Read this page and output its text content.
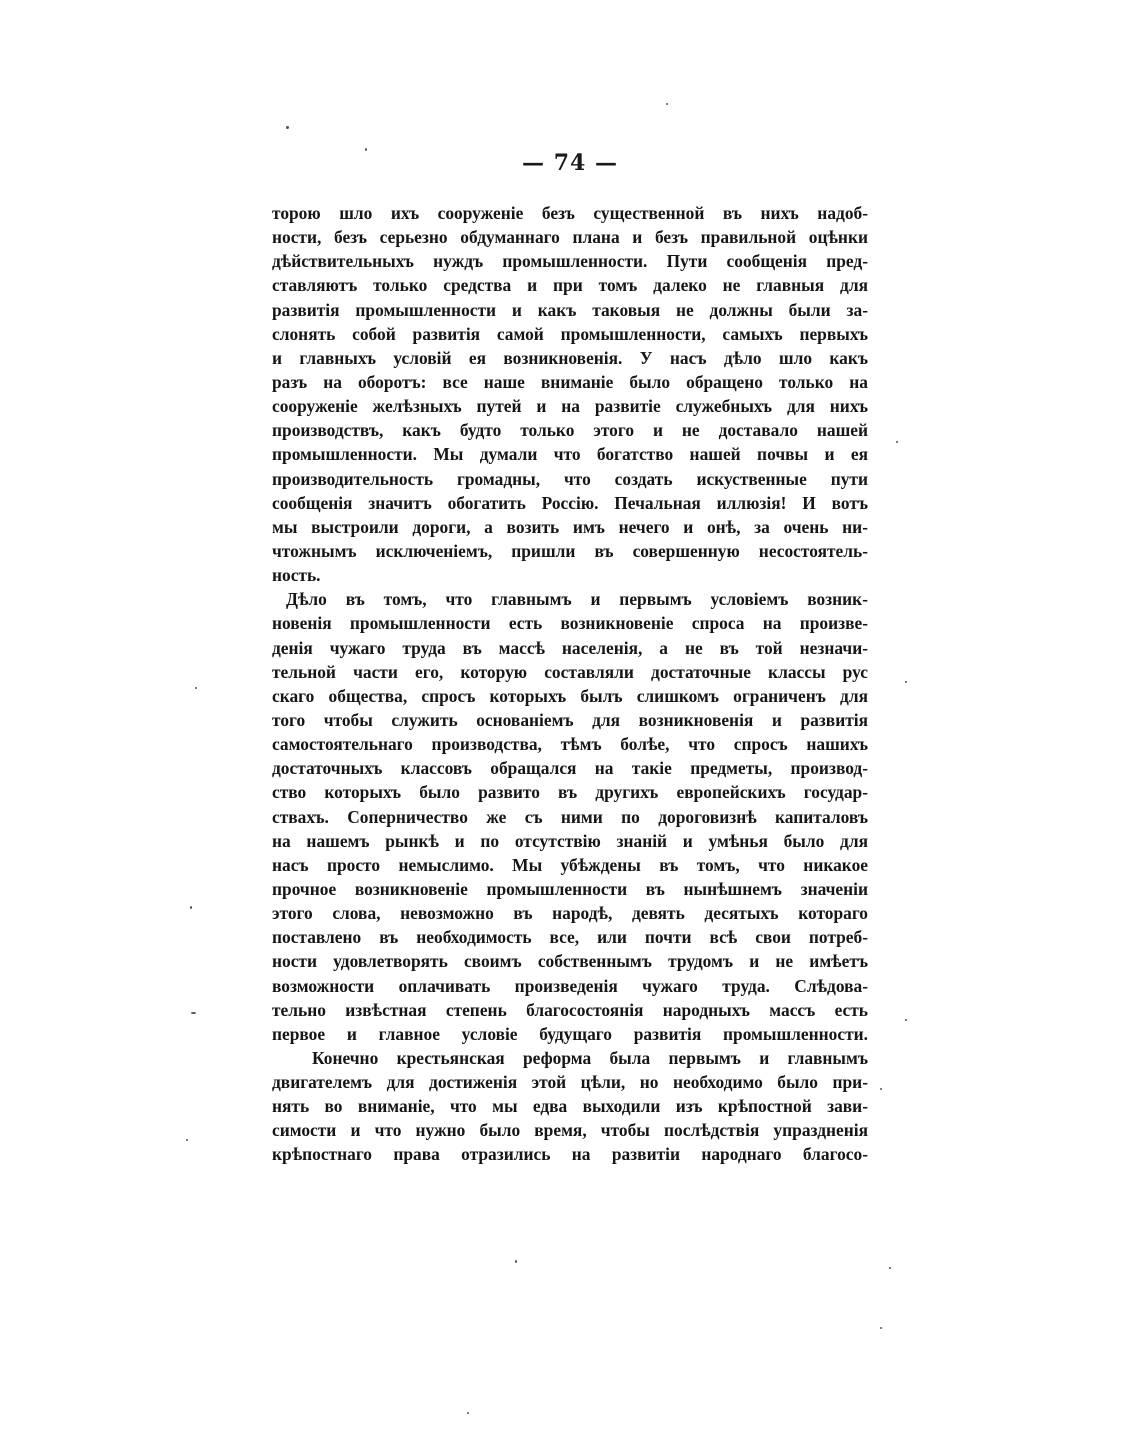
— 74 —
торою шло ихъ сооруженіе безъ существенной въ нихъ надоб-
ности, безъ серьезно обдуманнаго плана и безъ правильной оцѣнки
дѣйствительныхъ нуждъ промышленности. Пути сообщенія пред-
ставляютъ только средства и при томъ далеко не главныя для
развитія промышленности и какъ таковыя не должны были за-
слонять собой развитія самой промышленности, самыхъ первыхъ
и главныхъ условій ея возникновенія. У насъ дѣло шло какъ
разъ на оборотъ: все наше вниманіе было обращено только на
сооруженіе желѣзныхъ путей и на развитіе служебныхъ для нихъ
производствъ, какъ будто только этого и не доставало нашей
промышленности. Мы думали что богатство нашей почвы и ея
производительность громадны, что создать искуственные пути
сообщенія значитъ обогатить Россію. Печальная иллюзія! И вотъ
мы выстроили дороги, а возить имъ нечего и онѣ, за очень ни-
чтожнымъ исключеніемъ, пришли въ совершенную несостоятель-
ность.
Дѣло въ томъ, что главнымъ и первымъ условіемъ возник-
новенія промышленности есть возникновеніе спроса на произве-
денія чужаго труда въ массѣ населенія, а не въ той незначи-
тельной части его, которую составляли достаточные классы рус
скаго общества, спросъ которыхъ былъ слишкомъ ограниченъ для
того чтобы служить основаніемъ для возникновенія и развитія
самостоятельнаго производства, тѣмъ болѣе, что спросъ нашихъ
достаточныхъ классовъ обращался на такіе предметы, производ-
ство которыхъ было развито въ другихъ европейскихъ государ-
ствахъ. Соперничество же съ ними по дороговизнѣ капиталовъ
на нашемъ рынкѣ и по отсутствію знаній и умѣнья было для
насъ просто немыслимо. Мы убѣждены въ томъ, что никакое
прочное возникновеніе промышленности въ нынѣшнемъ значеніи
этого слова, невозможно въ народѣ, девять десятыхъ котораго
поставлено въ необходимость все, или почти всѣ свои потреб-
ности удовлетворять своимъ собственнымъ трудомъ и не имѣетъ
возможности оплачивать произведенія чужаго труда. Слѣдова-
тельно извѣстная степень благосостоянія народныхъ массъ есть
первое и главное условіе будущаго развитія промышленности.
Конечно крестьянская реформа была первымъ и главнымъ
двигателемъ для достиженія этой цѣли, но необходимо было при-
нять во вниманіе, что мы едва выходили изъ крѣпостной зави-
симости и что нужно было время, чтобы послѣдствія упраздненія
крѣпостнаго права отразились на развитіи народнаго благосо-
